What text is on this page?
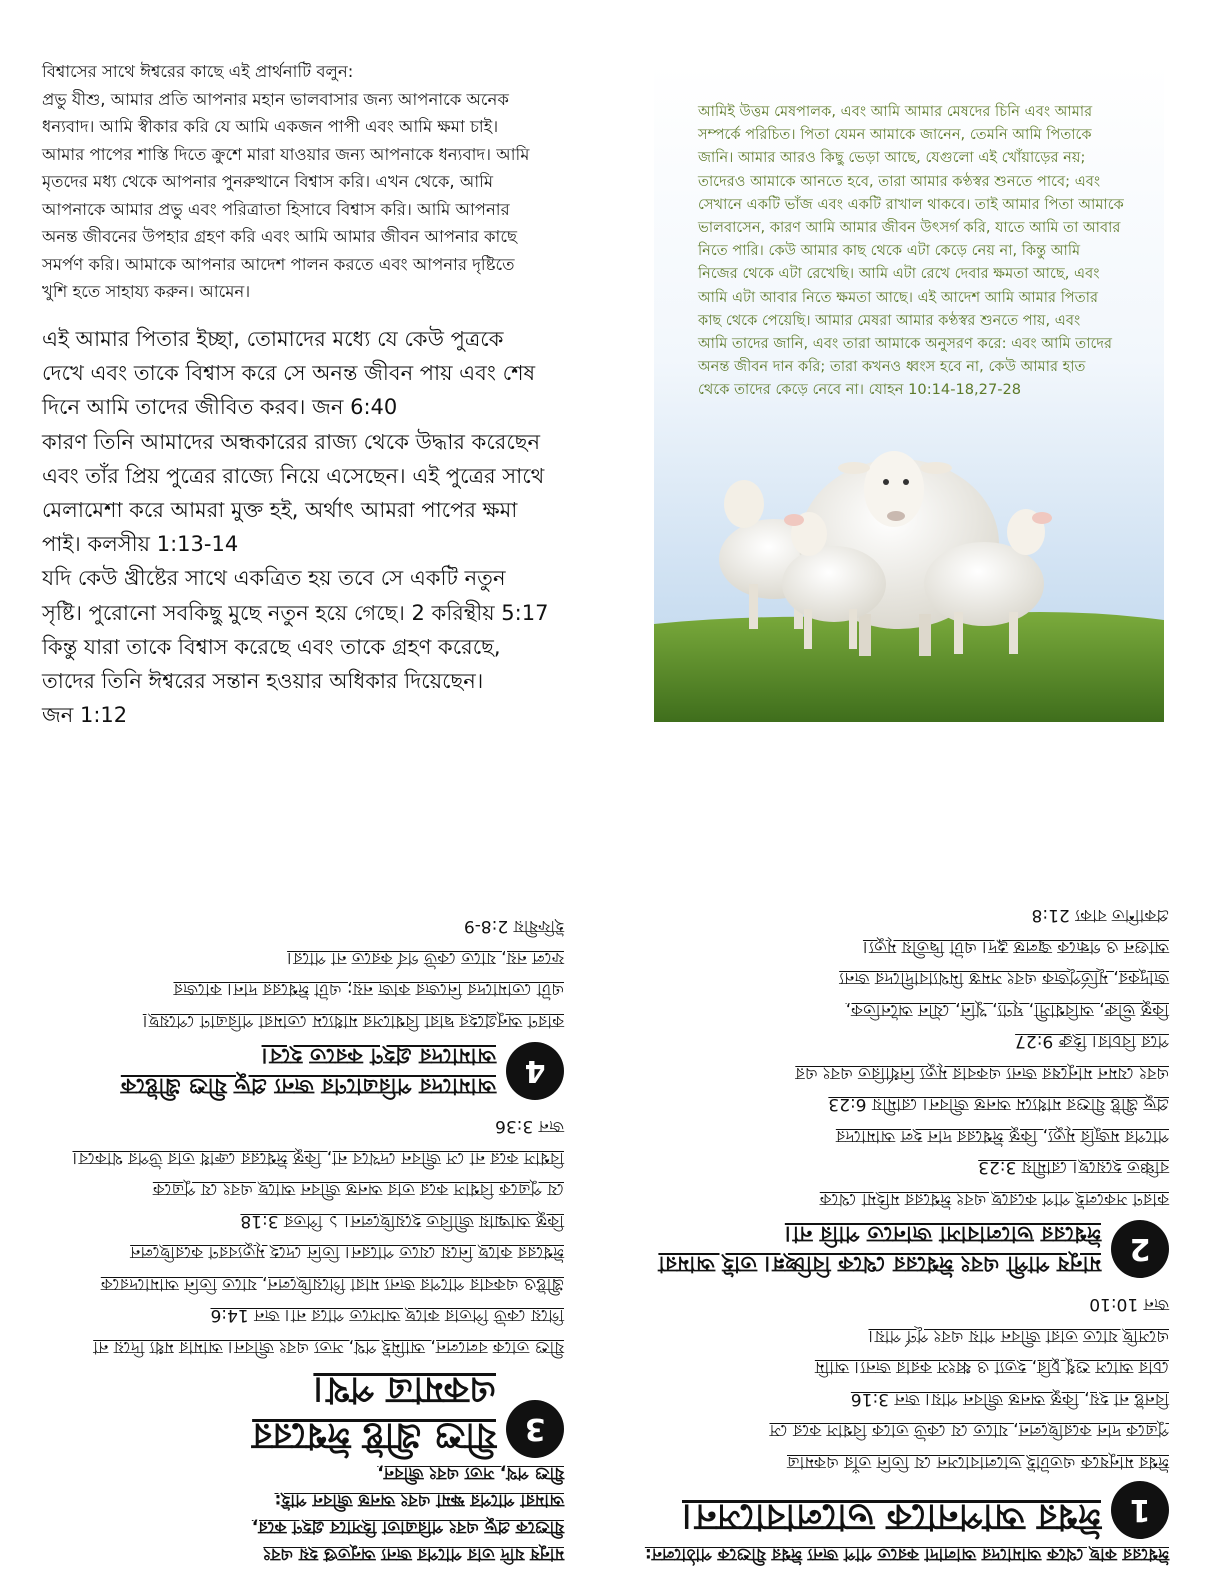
বিশ্বাসের সাথে ঈশ্বরের কাছে এই প্রার্থনাটি বলুন:

প্রভু যীশু, আমার প্রতি আপনার মহান ভালবাসার জন্য আপনাকে অনেক

ধন্যবাদ। আমি স্বীকার করি যে আমি একজন পাপী এবং আমি ক্ষমা চাই।

আমার পাপের শাস্তি দিতে ক্রুশে মারা যাওয়ার জন্য আপনাকে ধন্যবাদ। আমি

মৃতদের মধ্য থেকে আপনার পুনরুত্থানে বিশ্বাস করি। এখন থেকে, আমি

আপনাকে আমার প্রভু এবং পরিত্রাতা হিসাবে বিশ্বাস করি। আমি আপনার

অনন্ত জীবনের উপহার গ্রহণ করি এবং আমি আমার জীবন আপনার কাছে

সমর্পণ করি। আমাকে আপনার আদেশ পালন করতে এবং আপনার দৃষ্টিতে

খুশি হতে সাহায্য করুন। আমেন।

এই আমার পিতার ইচ্ছা, তোমাদের মধ্যে যে কেউ পুত্রকে

দেখে এবং তাকে বিশ্বাস করে সে অনন্ত জীবন পায় এবং শেষ

দিনে আমি তাদের জীবিত করব। জন 6:40

কারণ তিনি আমাদের অন্ধকারের রাজ্য থেকে উদ্ধার করেছেন

এবং তাঁর প্রিয় পুত্রের রাজ্যে নিয়ে এসেছেন। এই পুত্রের সাথে

মেলামেশা করে আমরা মুক্ত হই, অর্থাৎ আমরা পাপের ক্ষমা

পাই। কলসীয় 1:13-14

যদি কেউ খ্রীষ্টের সাথে একত্রিত হয় তবে সে একটি নতুন

সৃষ্টি। পুরোনো সবকিছু মুছে নতুন হয়ে গেছে। 2 করিন্থীয় 5:17

কিন্তু যারা তাকে বিশ্বাস করেছে এবং তাকে গ্রহণ করেছে,

তাদের তিনি ঈশ্বরের সন্তান হওয়ার অধিকার দিয়েছেন।

জন 1:12

আমিই উত্তম মেষপালক, এবং আমি আমার মেষদের চিনি এবং আমার

সম্পর্কে পরিচিত। পিতা যেমন আমাকে জানেন, তেমনি আমি পিতাকে

জানি। আমার আরও কিছু ভেড়া আছে, যেগুলো এই খোঁয়াড়ের নয়;

তাদেরও আমাকে আনতে হবে, তারা আমার কণ্ঠস্বর শুনতে পাবে; এবং

সেখানে একটি ভাঁজ এবং একটি রাখাল থাকবে। তাই আমার পিতা আমাকে

ভালবাসেন, কারণ আমি আমার জীবন উৎসর্গ করি, যাতে আমি তা আবার

নিতে পারি। কেউ আমার কাছ থেকে এটা কেড়ে নেয় না, কিন্তু আমি

নিজের থেকে এটা রেখেছি। আমি এটা রেখে দেবার ক্ষমতা আছে, এবং

আমি এটা আবার নিতে ক্ষমতা আছে। এই আদেশ আমি আমার পিতার

কাছ থেকে পেয়েছি। আমার মেষরা আমার কণ্ঠস্বর শুনতে পায়, এবং

আমি তাদের জানি, এবং তারা আমাকে অনুসরণ করে: এবং আমি তাদের

অনন্ত জীবন দান করি; তারা কখনও ধ্বংস হবে না, কেউ আমার হাত

থেকে তাদের কেড়ে নেবে না। যোহন 10:14-18,27-28

ঈশ্বরের কাছ থেকে আমাদের আলাদা করতে পাপ জন্য ঈশ্বর যীশুকে পাঠালেন:

1
ঈশ্বর আপনাকে ভালোবাসেন।
ঈশ্বর মানুষকে এতটাই ভালোবাসেন যে তিনি তাঁর একমাত্র
পুত্রকে দান করেছিলেন, যাতে যে কেউ তাকে বিশ্বাস করে সে
বিনষ্ট না হয়, কিন্তু অনন্ত জীবন পায়। জন 3:16
চোর আসে শুধু চুরি, হত্যা ও ধ্বংস করার জন্য। আমি
এসেছি যাতে তারা জীবন পায় এবং পূর্ণ পায়।
জন 10:10
2
মানুষ পাপী এবং ঈশ্বরের থেকে বিচ্ছিন্ন। তাই আমরা
ঈশ্বরের ভালোবাসা জানতে পারি না।
কারণ সকলেই পাপ করেছে এবং ঈশ্বরের মহিমা থেকে
বঞ্চিত হয়েছে। রোমীয় 3:23
পাপের মজুরি মৃত্যু, কিন্তু ঈশ্বরের দান হল আমাদের
প্রভু খ্রীষ্ট যীশুর মাধ্যমে অনন্ত জীবন। রোমীয় 6:23
এবং যেমন মানুষের জন্য একবার মৃত্যু নির্ধারিত এবং এর
পরে বিচার। হিব্রু 9:27
কিন্তু ভীরু, অবিশ্বাসী, ঘৃণ্য, খুনি, যৌন অনৈতিক,
জাদুকর, মূর্তিপূজক এবং সমস্ত মিথ্যাবাদীদের জন্য
আগুন ও গন্ধকে জ্বলন্ত হ্রদ। এটা দ্বিতীয় মৃত্যু।
প্রকাশিত বাক্য 21:8

মানুষ যদি তার পাপের জন্য অনুতপ্ত হয় এবং

যীশুকে প্রভু এবং পরিত্রাতা হিসাবে গ্রহণ করে,

আমরা পাপের ক্ষমা এবং অনন্ত জীবন পাই:

যীশু পথ, সত্য এবং জীবন,

3
যীশু খ্রীষ্ট ঈশ্বরের
একমাত্র পথ।
যীশু তাকে বললেন, আমিই পথ, সত্য এবং জীবন। আমার মধ্য দিয়ে না
গিয়ে কেউ পিতার কাছে আসতে পারে না। জন 14:6
খ্রীষ্টও একবার পাপের জন্য মারা গিয়েছিলেন, যাতে তিনি আমাদেরকে
ঈশ্বরের কাছে নিয়ে যেতে পারেন। তিনি দেহে মৃত্যুবরণ করেছিলেন
কিন্তু আত্মায় জীবিত হয়েছিলেন। ১ পিতর 3:18
যে পুত্রকে বিশ্বাস করে তার অনন্ত জীবন আছে এবং যে পুত্রকে
বিশ্বাস করে না সে জীবন দেখবে না, কিন্তু ঈশ্বরের ক্রোধ তার উপর থাকবে।
জন 3:36
4
আমাদের পরিত্রাণের জন্য প্রভু যীশু খ্রীষ্টকে
আমাদের গ্রহণ করতে হবে।
কারণ অনুগ্রহের দ্বারা বিশ্বাসের মাধ্যমে তোমরা পরিত্রাণ পেয়েছ।
এটা তোমাদের নিজের কাজ নয়; এটা ঈশ্বরের দান। কাজের
ফলে নয়, যাতে কেউ গর্ব করতে না পারে।
ইফিষীয় 2:8-9
